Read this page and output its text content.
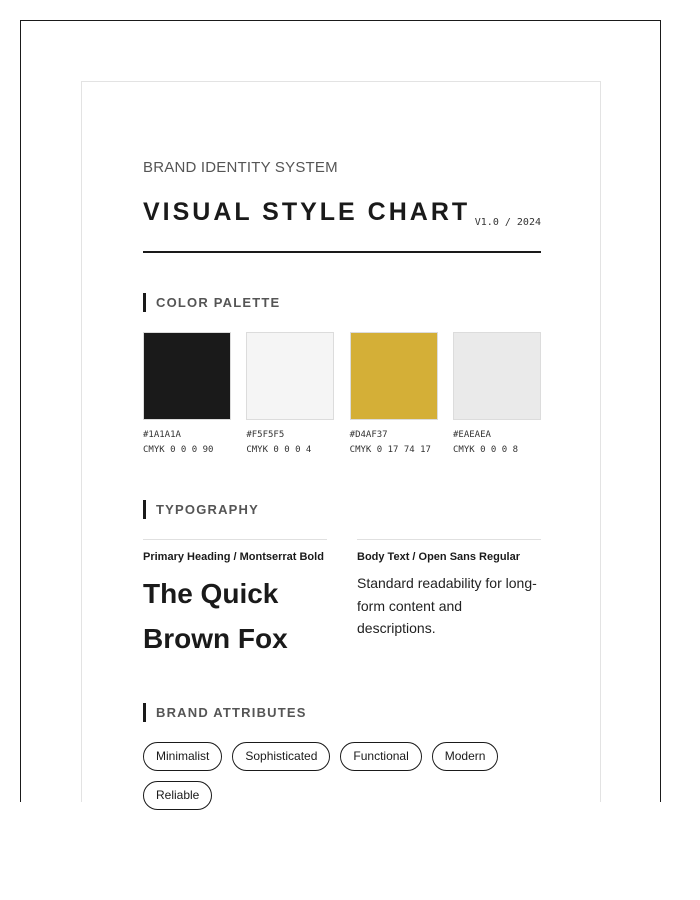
BRAND IDENTITY SYSTEM
VISUAL STYLE CHART V1.0 / 2024
COLOR PALETTE
#1A1A1A
CMYK 0 0 0 90
#F5F5F5
CMYK 0 0 0 4
#D4AF37
CMYK 0 17 74 17
#EAEAEA
CMYK 0 0 0 8
TYPOGRAPHY
Primary Heading / Montserrat Bold
The Quick Brown Fox
Body Text / Open Sans Regular
Standard readability for long-form content and descriptions.
BRAND ATTRIBUTES
Minimalist	Sophisticated	Functional	Modern
Reliable
